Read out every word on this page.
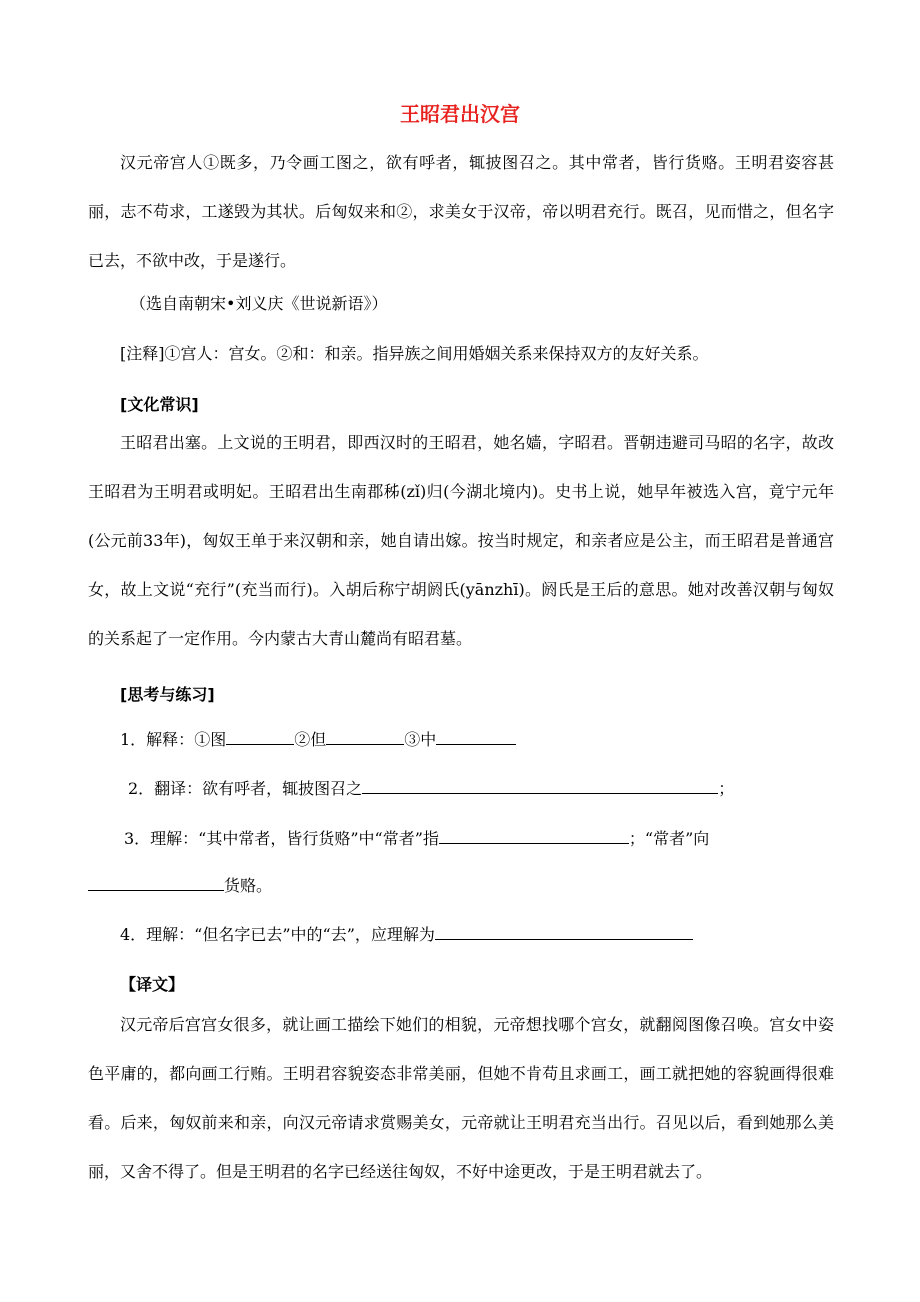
王昭君出汉宫
汉元帝宫人①既多，乃令画工图之，欲有呼者，辄披图召之。其中常者，皆行货赂。王明君姿容甚丽，志不苟求，工遂毁为其状。后匈奴来和②，求美女于汉帝，帝以明君充行。既召，见而惜之，但名字已去，不欲中改，于是遂行。
（选自南朝宋•刘义庆《世说新语》）
[注释]①宫人：宫女。②和：和亲。指异族之间用婚姻关系来保持双方的友好关系。
[文化常识]
王昭君出塞。上文说的王明君，即西汉时的王昭君，她名嫱，字昭君。晋朝违避司马昭的名字，故改王昭君为王明君或明妃。王昭君出生南郡秭(zǐ)归(今湖北境内)。史书上说，她早年被选入宫，竟宁元年(公元前33年)，匈奴王单于来汉朝和亲，她自请出嫁。按当时规定，和亲者应是公主，而王昭君是普通宫女，故上文说“充行”(充当而行)。入胡后称宁胡阏氏(yānzhī)。阏氏是王后的意思。她对改善汉朝与匈奴的关系起了一定作用。今内蒙古大青山麓尚有昭君墓。
[思考与练习]
1．解释：①图	②但	③中
2．翻译：欲有呼者，辄披图召之	；
3．理解：“其中常者，皆行货赂”中“常者”指	；“常者”向
货赂。
4．理解：“但名字已去”中的“去”，应理解为
【译文】
汉元帝后宫宫女很多，就让画工描绘下她们的相貌，元帝想找哪个宫女，就翻阅图像召唤。宫女中姿色平庸的，都向画工行贿。王明君容貌姿态非常美丽，但她不肯苟且求画工，画工就把她的容貌画得很难看。后来，匈奴前来和亲，向汉元帝请求赏赐美女，元帝就让王明君充当出行。召见以后，看到她那么美丽，又舍不得了。但是王明君的名字已经送往匈奴，不好中途更改，于是王明君就去了。
